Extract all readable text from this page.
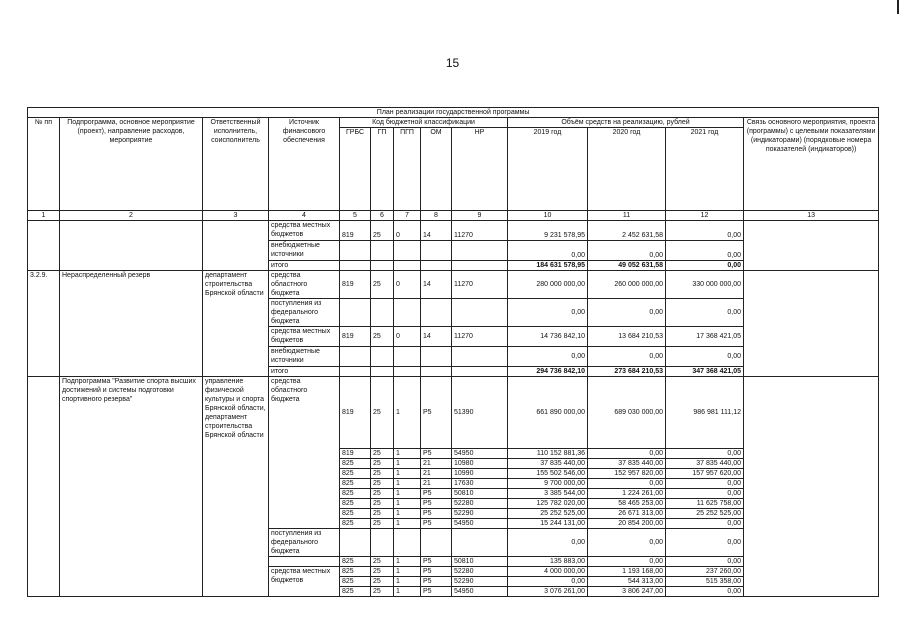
15
План реализации государственной программы												
№ пп	Подпрограмма, основное мероприятие (проект), направление расходов, мероприятие	Ответственный исполнитель, соисполнитель	Источник финансового обеспечения	Код бюджетной классификации					Объём средств на реализацию, рублей			Связь основного мероприятия, проекта (программы) с целевыми показателями (индикаторами) (порядковые номера показателей (индикаторов))
				ГРБС	ГП	ПГП	ОМ	НР	2019 год	2020 год	2021 год	
1	2	3	4	5	6	7	8	9	10	11	12	13
			средства местных бюджетов	819	25	0	14	11270	9 231 578,95	2 452 631,58	0,00	
			внебюджетные источники						0,00	0,00	0,00	
			итого						184 631 578,95	49 052 631,58	0,00	
3.2.9.	Нераспределенный резерв	департамент строительства Брянской области	средства областного бюджета	819	25	0	14	11270	280 000 000,00	260 000 000,00	330 000 000,00	
			поступления из федерального бюджета						0,00	0,00	0,00	
			средства местных бюджетов	819	25	0	14	11270	14 736 842,10	13 684 210,53	17 368 421,05	
			внебюджетные источники						0,00	0,00	0,00	
			итого						294 736 842,10	273 684 210,53	347 368 421,05	
	Подпрограмма "Развитие спорта высших достижений и системы подготовки спортивного резерва"	управление физической культуры и спорта Брянской области, департамент строительства Брянской области	средства областного бюджета	819	25	1	Р5	51390	661 890 000,00	689 030 000,00	986 981 111,12	
				819	25	1	Р5	54950	110 152 881,36	0,00	0,00	
				825	25	1	21	10980	37 835 440,00	37 835 440,00	37 835 440,00	
				825	25	1	21	10990	155 502 546,00	152 957 820,00	157 957 620,00	
				825	25	1	21	17630	9 700 000,00	0,00	0,00	
				825	25	1	Р5	50810	3 385 544,00	1 224 261,00	0,00	
				825	25	1	Р5	52280	125 782 020,00	58 465 253,00	11 625 758,00	
				825	25	1	Р5	52290	25 252 525,00	26 671 313,00	25 252 525,00	
				825	25	1	Р5	54950	15 244 131,00	20 854 200,00	0,00	
			поступления из федерального бюджета						0,00	0,00	0,00	
				825	25	1	Р5	50810	135 883,00	0,00	0,00	
			средства местных бюджетов	825	25	1	Р5	52280	4 000 000,00	1 193 168,00	237 260,00	
				825	25	1	Р5	52290	0,00	544 313,00	515 358,00	
				825	25	1	Р5	54950	3 076 261,00	3 806 247,00	0,00	
